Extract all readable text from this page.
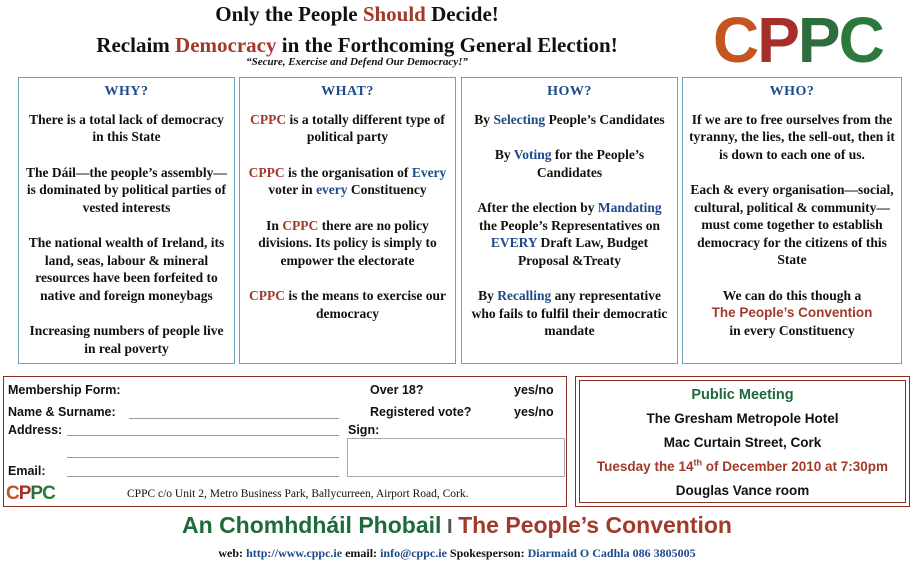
Only the People Should Decide!
Reclaim Democracy in the Forthcoming General Election!
“Secure, Exercise and Defend Our Democracy!”	CPPC
WHY?

There is a total lack of democracy in this State

The Dáil—the people’s assembly—is dominated by political parties of vested interests

The national wealth of Ireland, its land, seas, labour & mineral resources have been forfeited to native and foreign moneybags

Increasing numbers of people live in real poverty

WHAT?

CPPC is a totally different type of political party

CPPC is the organisation of Every voter in every Constituency

In CPPC there are no policy divisions. Its policy is simply to empower the electorate

CPPC is the means to exercise our democracy

HOW?

By Selecting People’s Candidates

By Voting for the People’s Candidates

After the election by Mandating the People’s Representatives on EVERY Draft Law, Budget Proposal &Treaty

By Recalling any representative who fails to fulfil their democratic mandate

WHO?

If we are to free ourselves from the tyranny, the lies, the sell-out, then it is down to each one of us.

Each & every organisation—social, cultural, political & community— must come together to establish democracy for the citizens of this State

We can do this though a

The People’s Convention

in every Constituency

Membership Form:
Name & Surname:
Address:
Email:
Over 18?	yes/no
Registered vote?	yes/no
Sign:
CPPC	CPPC c/o Unit 2, Metro Business Park, Ballycurreen, Airport Road, Cork.
Public Meeting
The Gresham Metropole Hotel
Mac Curtain Street, Cork
Tuesday the 14th of December 2010 at 7:30pm
Douglas Vance room
An Chomhdháil Phobail I The People’s Convention
web: http://www.cppc.ie email: info@cppc.ie Spokesperson: Diarmaid O Cadhla 086 3805005
